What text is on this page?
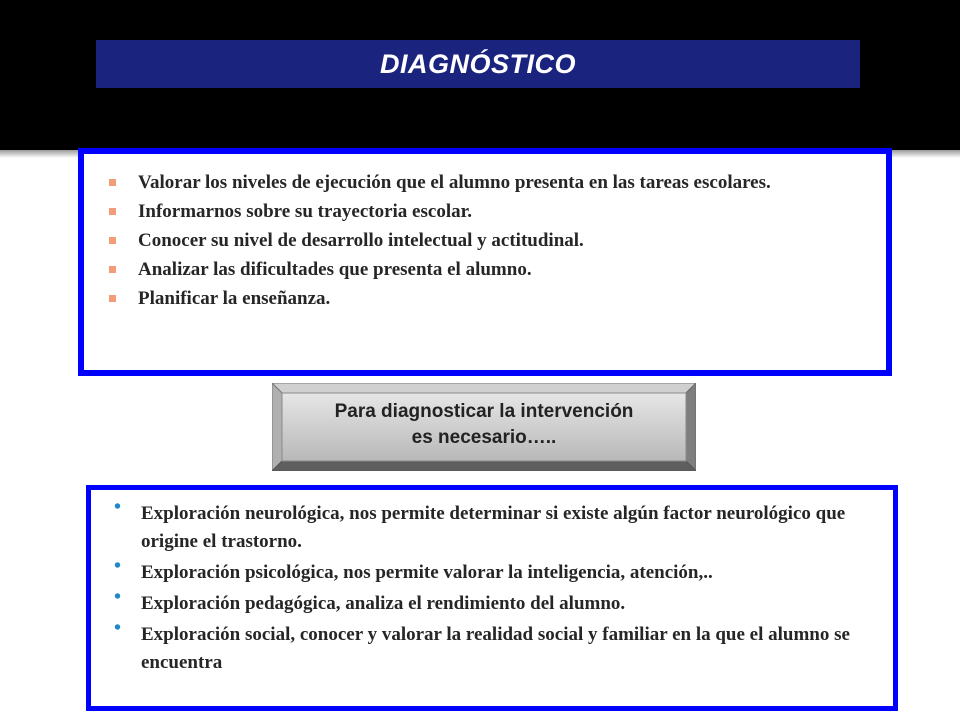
DIAGNÓSTICO
Valorar los niveles de ejecución que el alumno presenta en las tareas escolares.
Informarnos sobre su trayectoria escolar.
Conocer su nivel de desarrollo intelectual y actitudinal.
Analizar las dificultades que presenta el alumno.
Planificar la enseñanza.
Para diagnosticar la intervención
es necesario…..
• Exploración neurológica, nos permite determinar si existe algún factor neurológico que origine el trastorno.
• Exploración psicológica, nos permite valorar la inteligencia, atención,..
• Exploración pedagógica, analiza el rendimiento del alumno.
• Exploración social, conocer y valorar la realidad social y familiar en la que el alumno se encuentra
